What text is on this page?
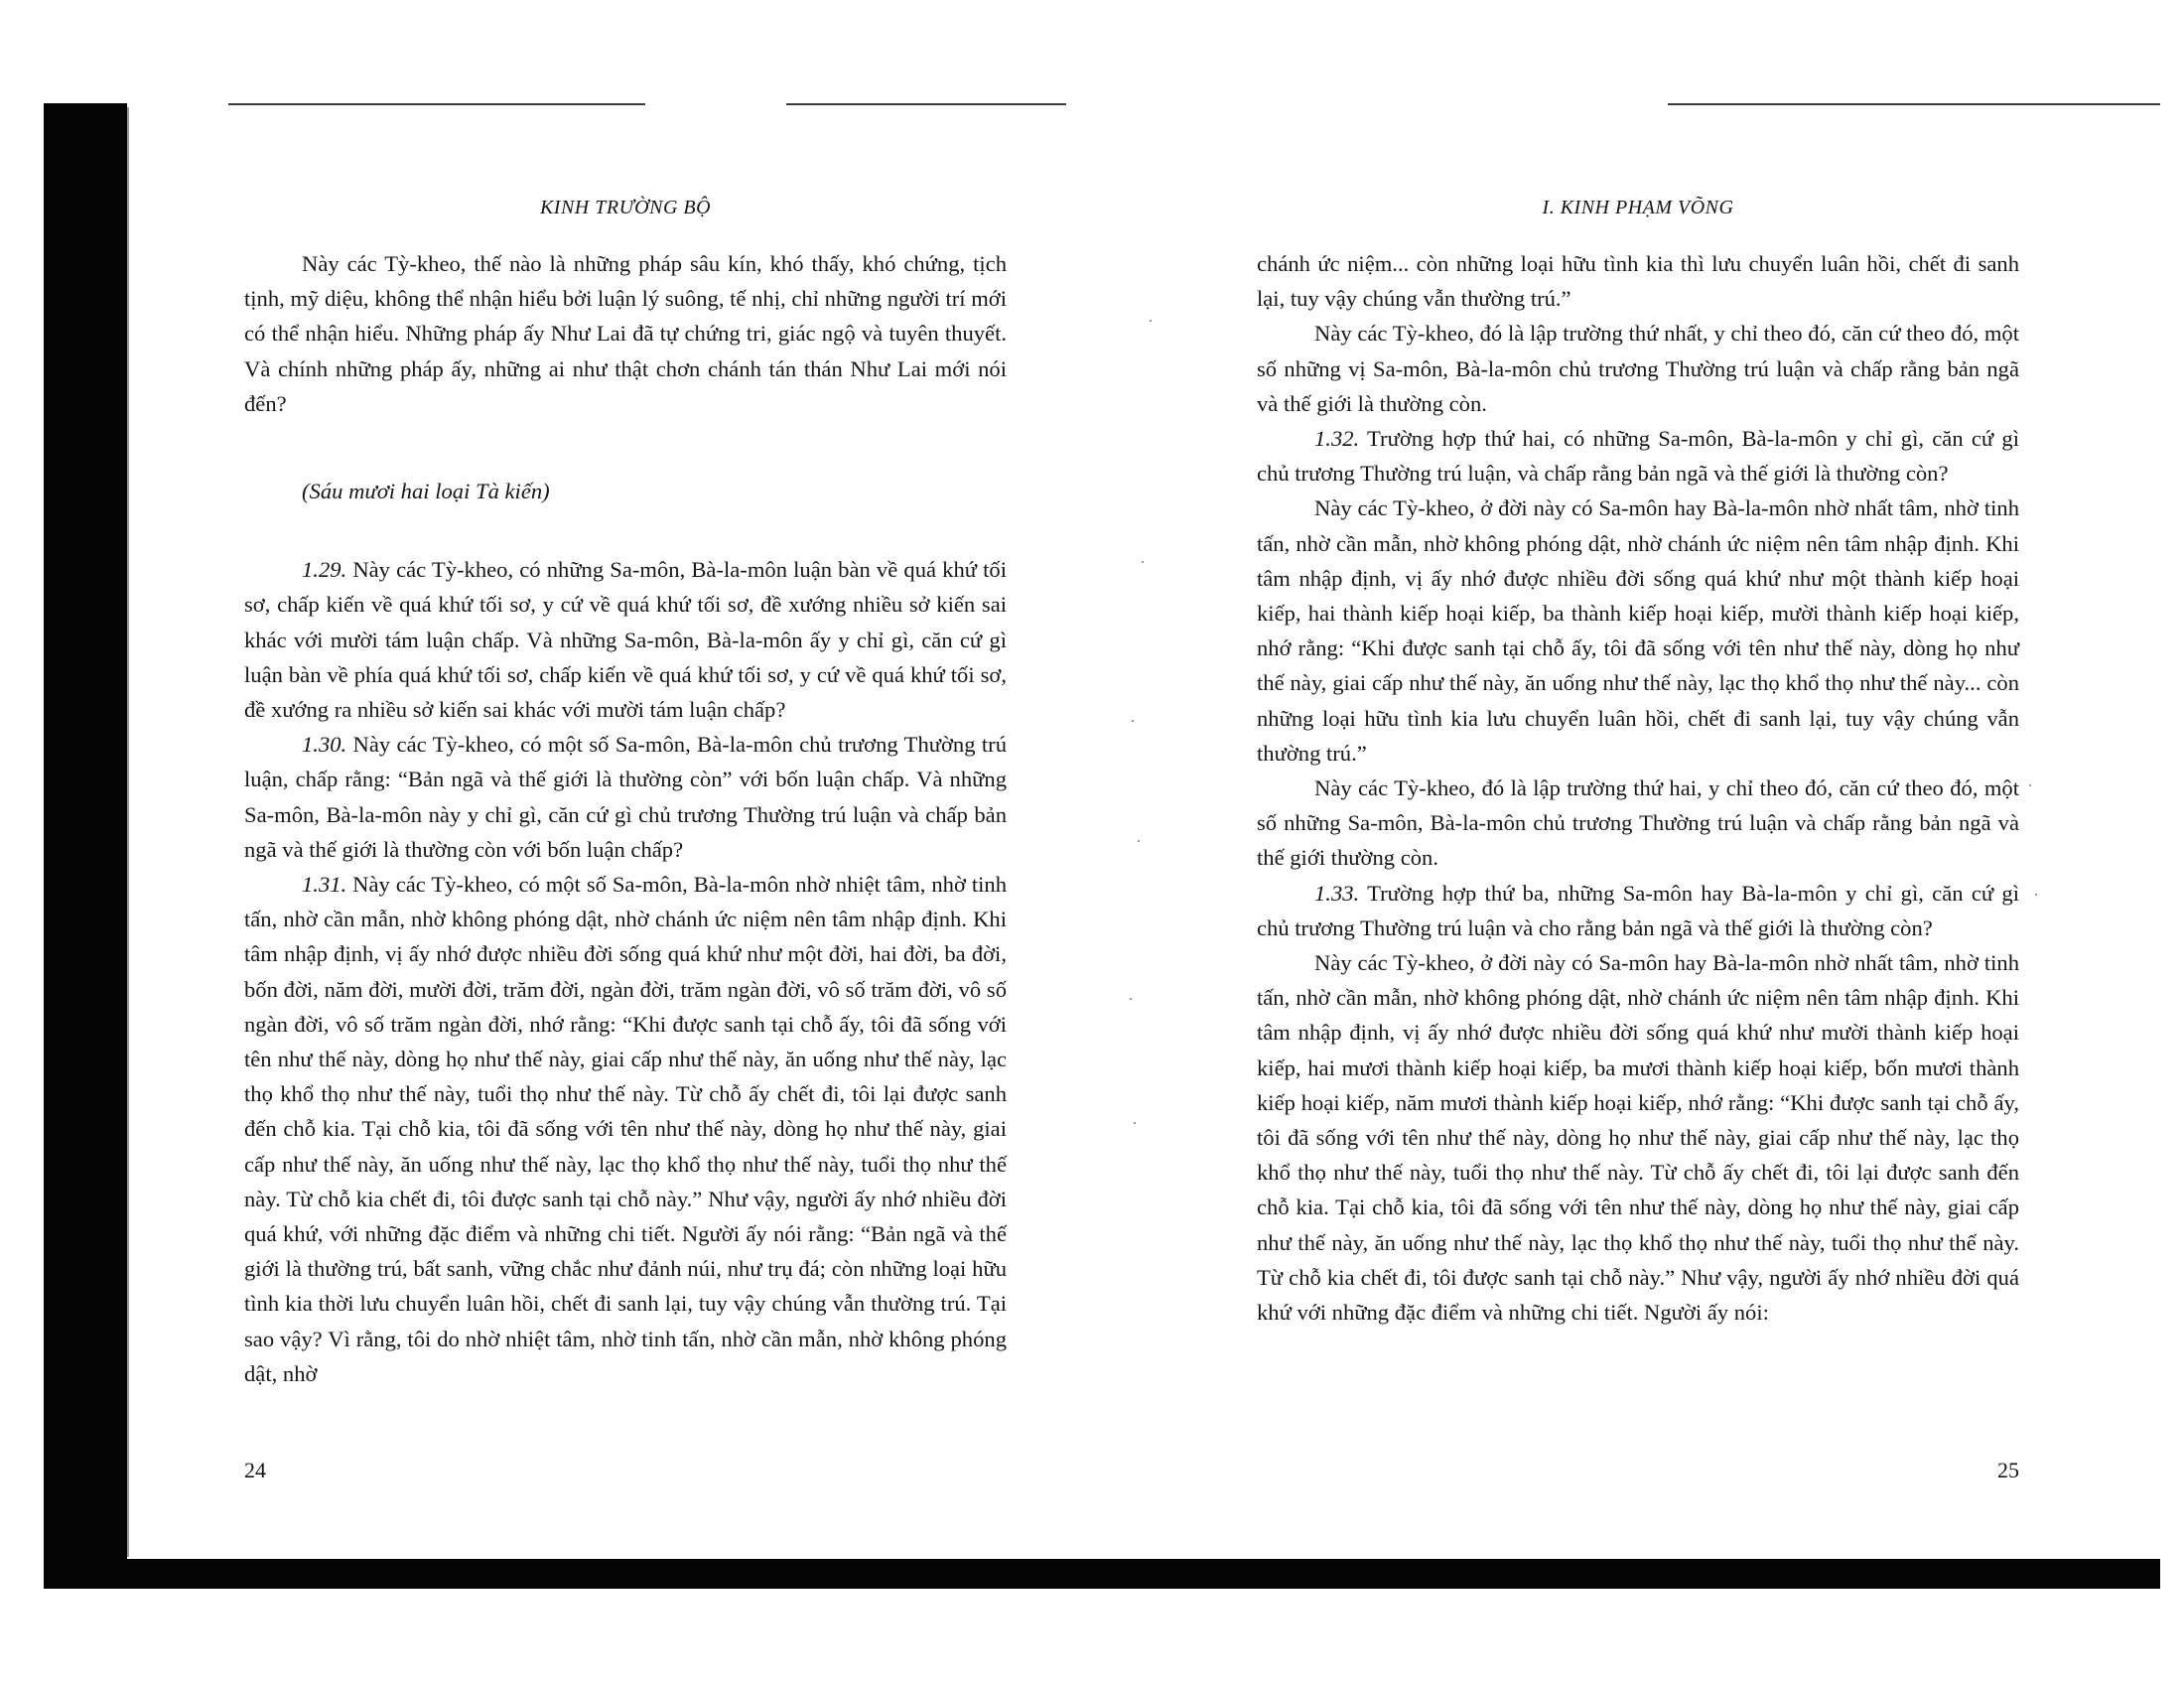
KINH TRƯỜNG BỘ

Này các Tỳ-kheo, thế nào là những pháp sâu kín, khó thấy, khó chứng, tịch tịnh, mỹ diệu, không thể nhận hiểu bởi luận lý suông, tế nhị, chỉ những người trí mới có thể nhận hiểu. Những pháp ấy Như Lai đã tự chứng tri, giác ngộ và tuyên thuyết. Và chính những pháp ấy, những ai như thật chơn chánh tán thán Như Lai mới nói đến?

(Sáu mươi hai loại Tà kiến)

1.29. Này các Tỳ-kheo, có những Sa-môn, Bà-la-môn luận bàn về quá khứ tối sơ, chấp kiến về quá khứ tối sơ, y cứ về quá khứ tối sơ, đề xướng nhiều sở kiến sai khác với mười tám luận chấp. Và những Sa-môn, Bà-la-môn ấy y chỉ gì, căn cứ gì luận bàn về phía quá khứ tối sơ, chấp kiến về quá khứ tối sơ, y cứ về quá khứ tối sơ, đề xướng ra nhiều sở kiến sai khác với mười tám luận chấp?

1.30. Này các Tỳ-kheo, có một số Sa-môn, Bà-la-môn chủ trương Thường trú luận, chấp rằng: “Bản ngã và thế giới là thường còn” với bốn luận chấp. Và những Sa-môn, Bà-la-môn này y chỉ gì, căn cứ gì chủ trương Thường trú luận và chấp bản ngã và thế giới là thường còn với bốn luận chấp?

1.31. Này các Tỳ-kheo, có một số Sa-môn, Bà-la-môn nhờ nhiệt tâm, nhờ tinh tấn, nhờ cần mẫn, nhờ không phóng dật, nhờ chánh ức niệm nên tâm nhập định. Khi tâm nhập định, vị ấy nhớ được nhiều đời sống quá khứ như một đời, hai đời, ba đời, bốn đời, năm đời, mười đời, trăm đời, ngàn đời, trăm ngàn đời, vô số trăm đời, vô số ngàn đời, vô số trăm ngàn đời, nhớ rằng: “Khi được sanh tại chỗ ấy, tôi đã sống với tên như thế này, dòng họ như thế này, giai cấp như thế này, ăn uống như thế này, lạc thọ khổ thọ như thế này, tuổi thọ như thế này. Từ chỗ ấy chết đi, tôi lại được sanh đến chỗ kia. Tại chỗ kia, tôi đã sống với tên như thế này, dòng họ như thế này, giai cấp như thế này, ăn uống như thế này, lạc thọ khổ thọ như thế này, tuổi thọ như thế này. Từ chỗ kia chết đi, tôi được sanh tại chỗ này.” Như vậy, người ấy nhớ nhiều đời quá khứ, với những đặc điểm và những chi tiết. Người ấy nói rằng: “Bản ngã và thế giới là thường trú, bất sanh, vững chắc như đảnh núi, như trụ đá; còn những loại hữu tình kia thời lưu chuyển luân hồi, chết đi sanh lại, tuy vậy chúng vẫn thường trú. Tại sao vậy? Vì rằng, tôi do nhờ nhiệt tâm, nhờ tinh tấn, nhờ cần mẫn, nhờ không phóng dật, nhờ

24
I. KINH PHẠM VÕNG

chánh ức niệm... còn những loại hữu tình kia thì lưu chuyển luân hồi, chết đi sanh lại, tuy vậy chúng vẫn thường trú.”

Này các Tỳ-kheo, đó là lập trường thứ nhất, y chỉ theo đó, căn cứ theo đó, một số những vị Sa-môn, Bà-la-môn chủ trương Thường trú luận và chấp rằng bản ngã và thế giới là thường còn.

1.32. Trường hợp thứ hai, có những Sa-môn, Bà-la-môn y chỉ gì, căn cứ gì chủ trương Thường trú luận, và chấp rằng bản ngã và thế giới là thường còn?

Này các Tỳ-kheo, ở đời này có Sa-môn hay Bà-la-môn nhờ nhất tâm, nhờ tinh tấn, nhờ cần mẫn, nhờ không phóng dật, nhờ chánh ức niệm nên tâm nhập định. Khi tâm nhập định, vị ấy nhớ được nhiều đời sống quá khứ như một thành kiếp hoại kiếp, hai thành kiếp hoại kiếp, ba thành kiếp hoại kiếp, mười thành kiếp hoại kiếp, nhớ rằng: “Khi được sanh tại chỗ ấy, tôi đã sống với tên như thế này, dòng họ như thế này, giai cấp như thế này, ăn uống như thế này, lạc thọ khổ thọ như thế này... còn những loại hữu tình kia lưu chuyển luân hồi, chết đi sanh lại, tuy vậy chúng vẫn thường trú.”

Này các Tỳ-kheo, đó là lập trường thứ hai, y chỉ theo đó, căn cứ theo đó, một số những Sa-môn, Bà-la-môn chủ trương Thường trú luận và chấp rằng bản ngã và thế giới thường còn.

1.33. Trường hợp thứ ba, những Sa-môn hay Bà-la-môn y chỉ gì, căn cứ gì chủ trương Thường trú luận và cho rằng bản ngã và thế giới là thường còn?

Này các Tỳ-kheo, ở đời này có Sa-môn hay Bà-la-môn nhờ nhất tâm, nhờ tinh tấn, nhờ cần mẫn, nhờ không phóng dật, nhờ chánh ức niệm nên tâm nhập định. Khi tâm nhập định, vị ấy nhớ được nhiều đời sống quá khứ như mười thành kiếp hoại kiếp, hai mươi thành kiếp hoại kiếp, ba mươi thành kiếp hoại kiếp, bốn mươi thành kiếp hoại kiếp, năm mươi thành kiếp hoại kiếp, nhớ rằng: “Khi được sanh tại chỗ ấy, tôi đã sống với tên như thế này, dòng họ như thế này, giai cấp như thế này, lạc thọ khổ thọ như thế này, tuổi thọ như thế này. Từ chỗ ấy chết đi, tôi lại được sanh đến chỗ kia. Tại chỗ kia, tôi đã sống với tên như thế này, dòng họ như thế này, giai cấp như thế này, ăn uống như thế này, lạc thọ khổ thọ như thế này, tuổi thọ như thế này. Từ chỗ kia chết đi, tôi được sanh tại chỗ này.” Như vậy, người ấy nhớ nhiều đời quá khứ với những đặc điểm và những chi tiết. Người ấy nói:

25
